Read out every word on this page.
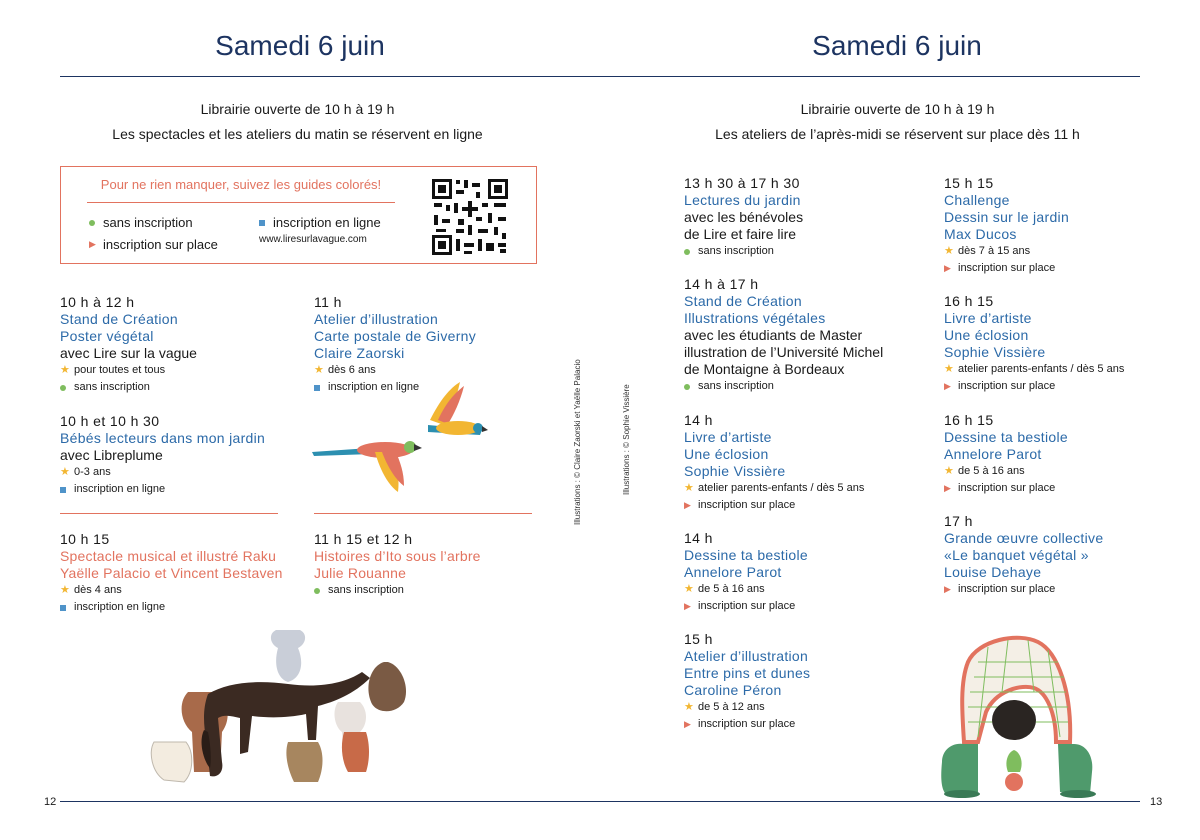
Samedi 6 juin
Librairie ouverte de 10 h à 19 h
Les spectacles et les ateliers du matin se réservent en ligne
Pour ne rien manquer, suivez les guides colorés!
sans inscription
▶ inscription sur place
inscription en ligne
www.liresurlavague.com
10 h à 12 h
Stand de Création
Poster végétal
avec Lire sur la vague
★ pour toutes et tous
sans inscription
10 h et 10 h 30
Bébés lecteurs dans mon jardin
avec Libreplume
★ 0-3 ans
inscription en ligne
10 h 15
Spectacle musical et illustré Raku
Yaëlle Palacio et Vincent Bestaven
★ dès 4 ans
inscription en ligne
11 h
Atelier d’illustration
Carte postale de Giverny
Claire Zaorski
★ dès 6 ans
inscription en ligne
11 h 15 et 12 h
Histoires d’Ito sous l’arbre
Julie Rouanne
sans inscription
12
Illustrations : © Claire Zaorski et Yaëlle Palacio	Illustrations : © Sophie Vissière
Samedi 6 juin
Librairie ouverte de 10 h à 19 h
Les ateliers de l’après-midi se réservent sur place dès 11 h
13 h 30 à 17 h 30
Lectures du jardin
avec les bénévoles
de Lire et faire lire
sans inscription
14 h à 17 h
Stand de Création
Illustrations végétales
avec les étudiants de Master
illustration de l’Université Michel
de Montaigne à Bordeaux
sans inscription
14 h
Livre d’artiste
Une éclosion
Sophie Vissière
★ atelier parents-enfants / dès 5 ans
▶ inscription sur place
14 h
Dessine ta bestiole
Annelore Parot
★ de 5 à 16 ans
▶ inscription sur place
15 h
Atelier d’illustration
Entre pins et dunes
Caroline Péron
★ de 5 à 12 ans
▶ inscription sur place
15 h 15
Challenge
Dessin sur le jardin
Max Ducos
★ dès 7 à 15 ans
▶ inscription sur place
16 h 15
Livre d’artiste
Une éclosion
Sophie Vissière
★ atelier parents-enfants / dès 5 ans
▶ inscription sur place
16 h 15
Dessine ta bestiole
Annelore Parot
★ de 5 à 16 ans
▶ inscription sur place
17 h
Grande œuvre collective
«Le banquet végétal »
Louise Dehaye
▶ inscription sur place
13
